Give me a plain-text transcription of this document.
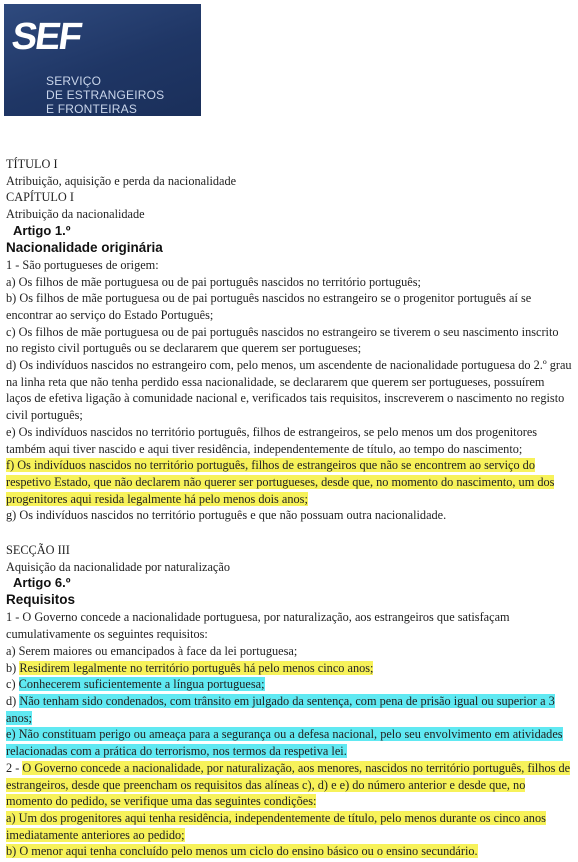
SEF
SERVIÇO
DE ESTRANGEIROS
E FRONTEIRAS

TÍTULO I

Atribuição, aquisição e perda da nacionalidade

CAPÍTULO I

Atribuição da nacionalidade

Artigo 1.º

Nacionalidade originária

1 - São portugueses de origem:

a) Os filhos de mãe portuguesa ou de pai português nascidos no território português;

b) Os filhos de mãe portuguesa ou de pai português nascidos no estrangeiro se o progenitor português aí se encontrar ao serviço do Estado Português;

c) Os filhos de mãe portuguesa ou de pai português nascidos no estrangeiro se tiverem o seu nascimento inscrito no registo civil português ou se declararem que querem ser portugueses;

d) Os indivíduos nascidos no estrangeiro com, pelo menos, um ascendente de nacionalidade portuguesa do 2.º grau na linha reta que não tenha perdido essa nacionalidade, se declararem que querem ser portugueses, possuírem laços de efetiva ligação à comunidade nacional e, verificados tais requisitos, inscreverem o nascimento no registo civil português;

e) Os indivíduos nascidos no território português, filhos de estrangeiros, se pelo menos um dos progenitores também aqui tiver nascido e aqui tiver residência, independentemente de título, ao tempo do nascimento;

f) Os indivíduos nascidos no território português, filhos de estrangeiros que não se encontrem ao serviço do respetivo Estado, que não declarem não querer ser portugueses, desde que, no momento do nascimento, um dos progenitores aqui resida legalmente há pelo menos dois anos;

g) Os indivíduos nascidos no território português e que não possuam outra nacionalidade.

SECÇÃO III

Aquisição da nacionalidade por naturalização

Artigo 6.º

Requisitos

1 - O Governo concede a nacionalidade portuguesa, por naturalização, aos estrangeiros que satisfaçam cumulativamente os seguintes requisitos:

a) Serem maiores ou emancipados à face da lei portuguesa;

b) Residirem legalmente no território português há pelo menos cinco anos;

c) Conhecerem suficientemente a língua portuguesa;

d) Não tenham sido condenados, com trânsito em julgado da sentença, com pena de prisão igual ou superior a 3 anos;

e) Não constituam perigo ou ameaça para a segurança ou a defesa nacional, pelo seu envolvimento em atividades relacionadas com a prática do terrorismo, nos termos da respetiva lei.

2 - O Governo concede a nacionalidade, por naturalização, aos menores, nascidos no território português, filhos de estrangeiros, desde que preencham os requisitos das alíneas c), d) e e) do número anterior e desde que, no momento do pedido, se verifique uma das seguintes condições:

a) Um dos progenitores aqui tenha residência, independentemente de título, pelo menos durante os cinco anos imediatamente anteriores ao pedido;

b) O menor aqui tenha concluído pelo menos um ciclo do ensino básico ou o ensino secundário.
